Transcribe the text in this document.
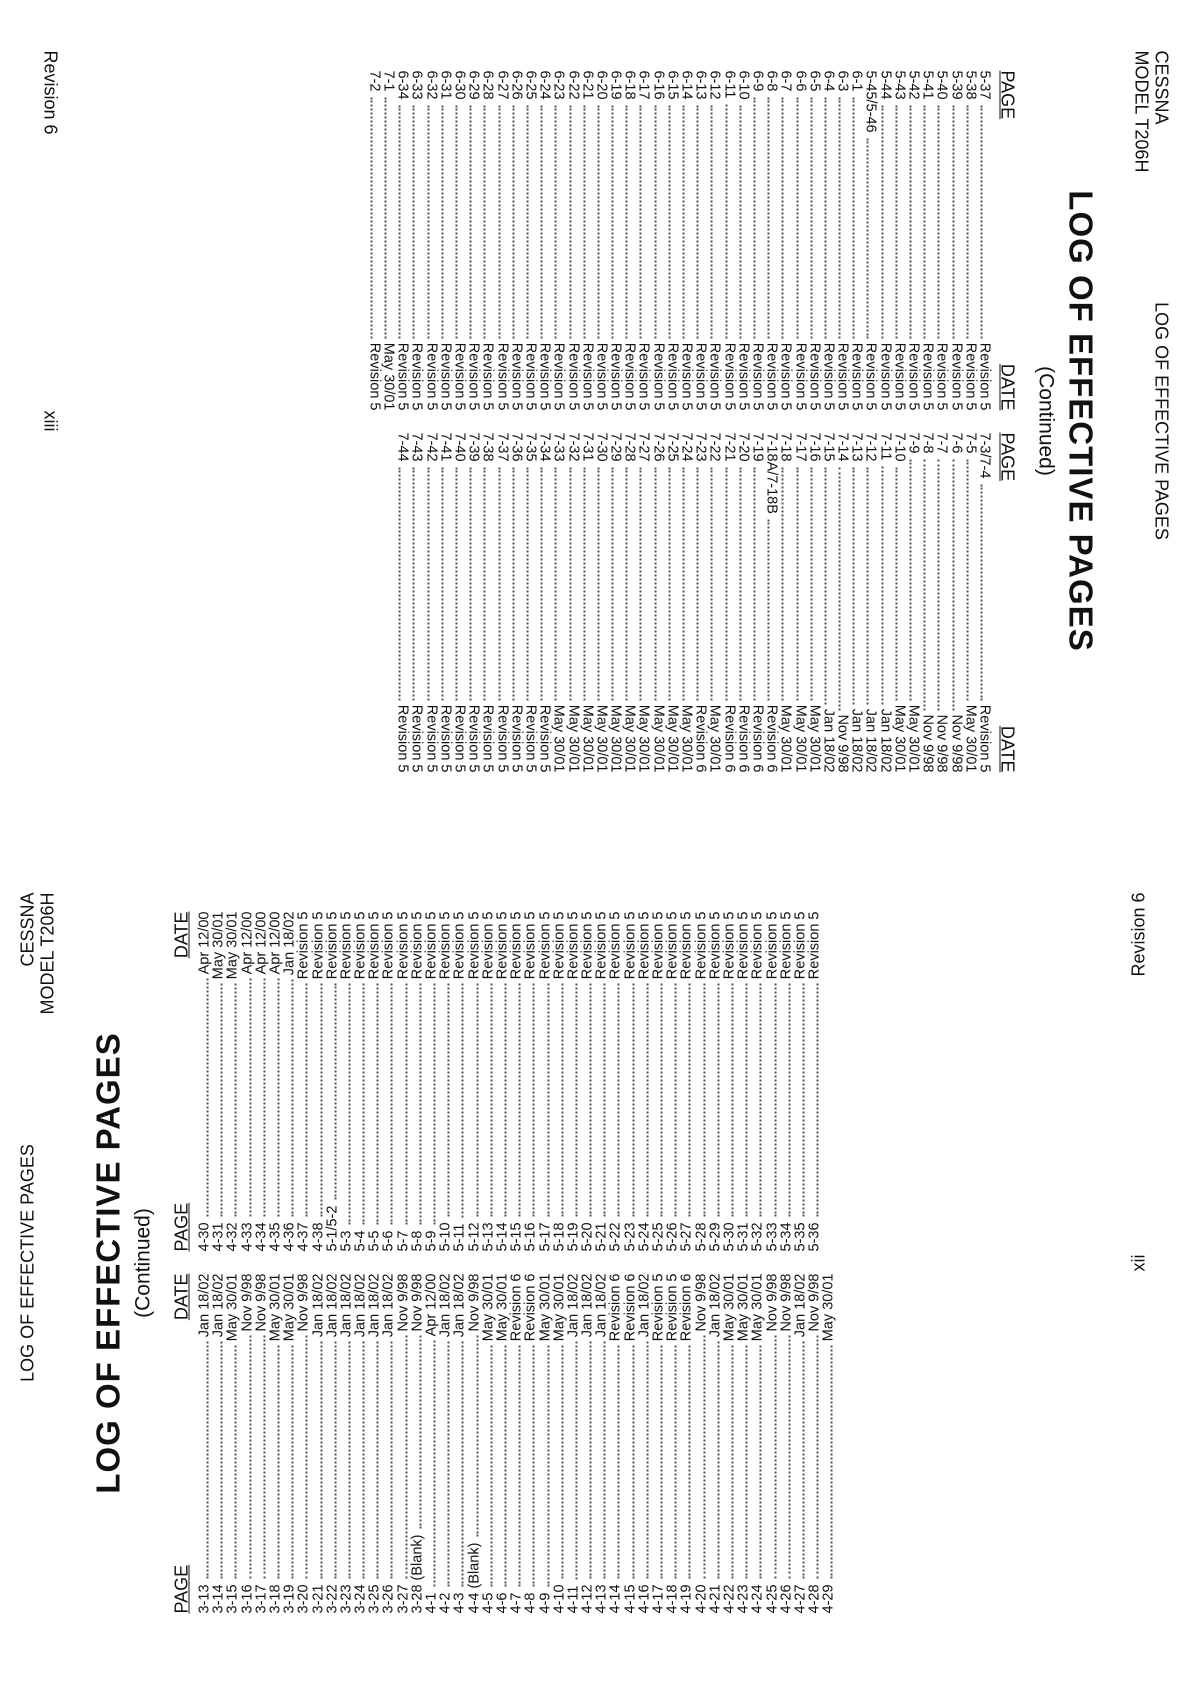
CESSNA
MODEL T206H
LOG OF EFFECTIVE PAGES
LOG OF EFFECTIVE PAGES
(Continued)
PAGE
DATE
5-37
Revision 5
5-38
Revision 5
5-39
Revision 5
5-40
Revision 5
5-41
Revision 5
5-42
Revision 5
5-43
Revision 5
5-44
Revision 5
5-45/5-46
Revision 5
6-1
Revision 5
6-3
Revision 5
6-4
Revision 5
6-5
Revision 5
6-6
Revision 5
6-7
Revision 5
6-8
Revision 5
6-9
Revision 5
6-10
Revision 5
6-11
Revision 5
6-12
Revision 5
6-13
Revision 5
6-14
Revision 5
6-15
Revision 5
6-16
Revision 5
6-17
Revision 5
6-18
Revision 5
6-19
Revision 5
6-20
Revision 5
6-21
Revision 5
6-22
Revision 5
6-23
Revision 5
6-24
Revision 5
6-25
Revision 5
6-26
Revision 5
6-27
Revision 5
6-28
Revision 5
6-29
Revision 5
6-30
Revision 5
6-31
Revision 5
6-32
Revision 5
6-33
Revision 5
6-34
Revision 5
7-1
May 30/01
7-2
Revision 5
PAGE
DATE
7-3/7-4
Revision 5
7-5
May 30/01
7-6
Nov 9/98
7-7
Nov 9/98
7-8
Nov 9/98
7-9
May 30/01
7-10
May 30/01
7-11
Jan 18/02
7-12
Jan 18/02
7-13
Jan 18/02
7-14
Nov 9/98
7-15
Jan 18/02
7-16
May 30/01
7-17
May 30/01
7-18
May 30/01
7-18A/7-18B
Revision 6
7-19
Revision 6
7-20
Revision 6
7-21
Revision 6
7-22
May 30/01
7-23
Revision 6
7-24
May 30/01
7-25
May 30/01
7-26
May 30/01
7-27
May 30/01
7-28
May 30/01
7-29
May 30/01
7-30
May 30/01
7-31
May 30/01
7-32
May 30/01
7-33
May 30/01
7-34
Revision 5
7-35
Revision 5
7-36
Revision 5
7-37
Revision 5
7-38
Revision 5
7-39
Revision 5
7-40
Revision 5
7-41
Revision 5
7-42
Revision 5
7-43
Revision 5
7-44
Revision 5
Revision 6
xiii
LOG OF EFFECTIVE PAGES
CESSNA MODEL T206H
LOG OF EFFECTIVE PAGES (Continued)
PAGE
DATE
3-13
Jan 18/02
3-14
Jan 18/02
3-15
May 30/01
3-16
Nov 9/98
3-17
Nov 9/98
3-18
May 30/01
3-19
May 30/01
3-20
Nov 9/98
3-21
Jan 18/02
3-22
Jan 18/02
3-23
Jan 18/02
3-24
Jan 18/02
3-25
Jan 18/02
3-26
Jan 18/02
3-27
Nov 9/98
3-28 (Blank)
Nov 9/98
4-1
Apr 12/00
4-2
Jan 18/02
4-3
Jan 18/02
4-4 (Blank)
Nov 9/98
4-5
May 30/01
4-6
May 30/01
4-7
Revision 6
4-8
Revision 6
4-9
May 30/01
4-10
May 30/01
4-11
Jan 18/02
4-12
Jan 18/02
4-13
Jan 18/02
4-14
Revision 6
4-15
Revision 6
4-16
Jan 18/02
4-17
Revision 5
4-18
Revision 5
4-19
Revision 6
4-20
Nov 9/98
4-21
Jan 18/02
4-22
May 30/01
4-23
May 30/01
4-24
May 30/01
4-25
Nov 9/98
4-26
Nov 9/98
4-27
Jan 18/02
4-28
Nov 9/98
4-29
May 30/01
PAGE
DATE
4-30
Apr 12/00
4-31
May 30/01
4-32
May 30/01
4-33
Apr 12/00
4-34
Apr 12/00
4-35
Apr 12/00
4-36
Jan 18/02
4-37
Revision 5
4-38
Revision 5
5-1/5-2
Revision 5
5-3
Revision 5
5-4
Revision 5
5-5
Revision 5
5-6
Revision 5
5-7
Revision 5
5-8
Revision 5
5-9
Revision 5
5-10
Revision 5
5-11
Revision 5
5-12
Revision 5
5-13
Revision 5
5-14
Revision 5
5-15
Revision 5
5-16
Revision 5
5-17
Revision 5
5-18
Revision 5
5-19
Revision 5
5-20
Revision 5
5-21
Revision 5
5-22
Revision 5
5-23
Revision 5
5-24
Revision 5
5-25
Revision 5
5-26
Revision 5
5-27
Revision 5
5-28
Revision 5
5-29
Revision 5
5-30
Revision 5
5-31
Revision 5
5-32
Revision 5
5-33
Revision 5
5-34
Revision 5
5-35
Revision 5
5-36
Revision 5
xii
Revision 6
